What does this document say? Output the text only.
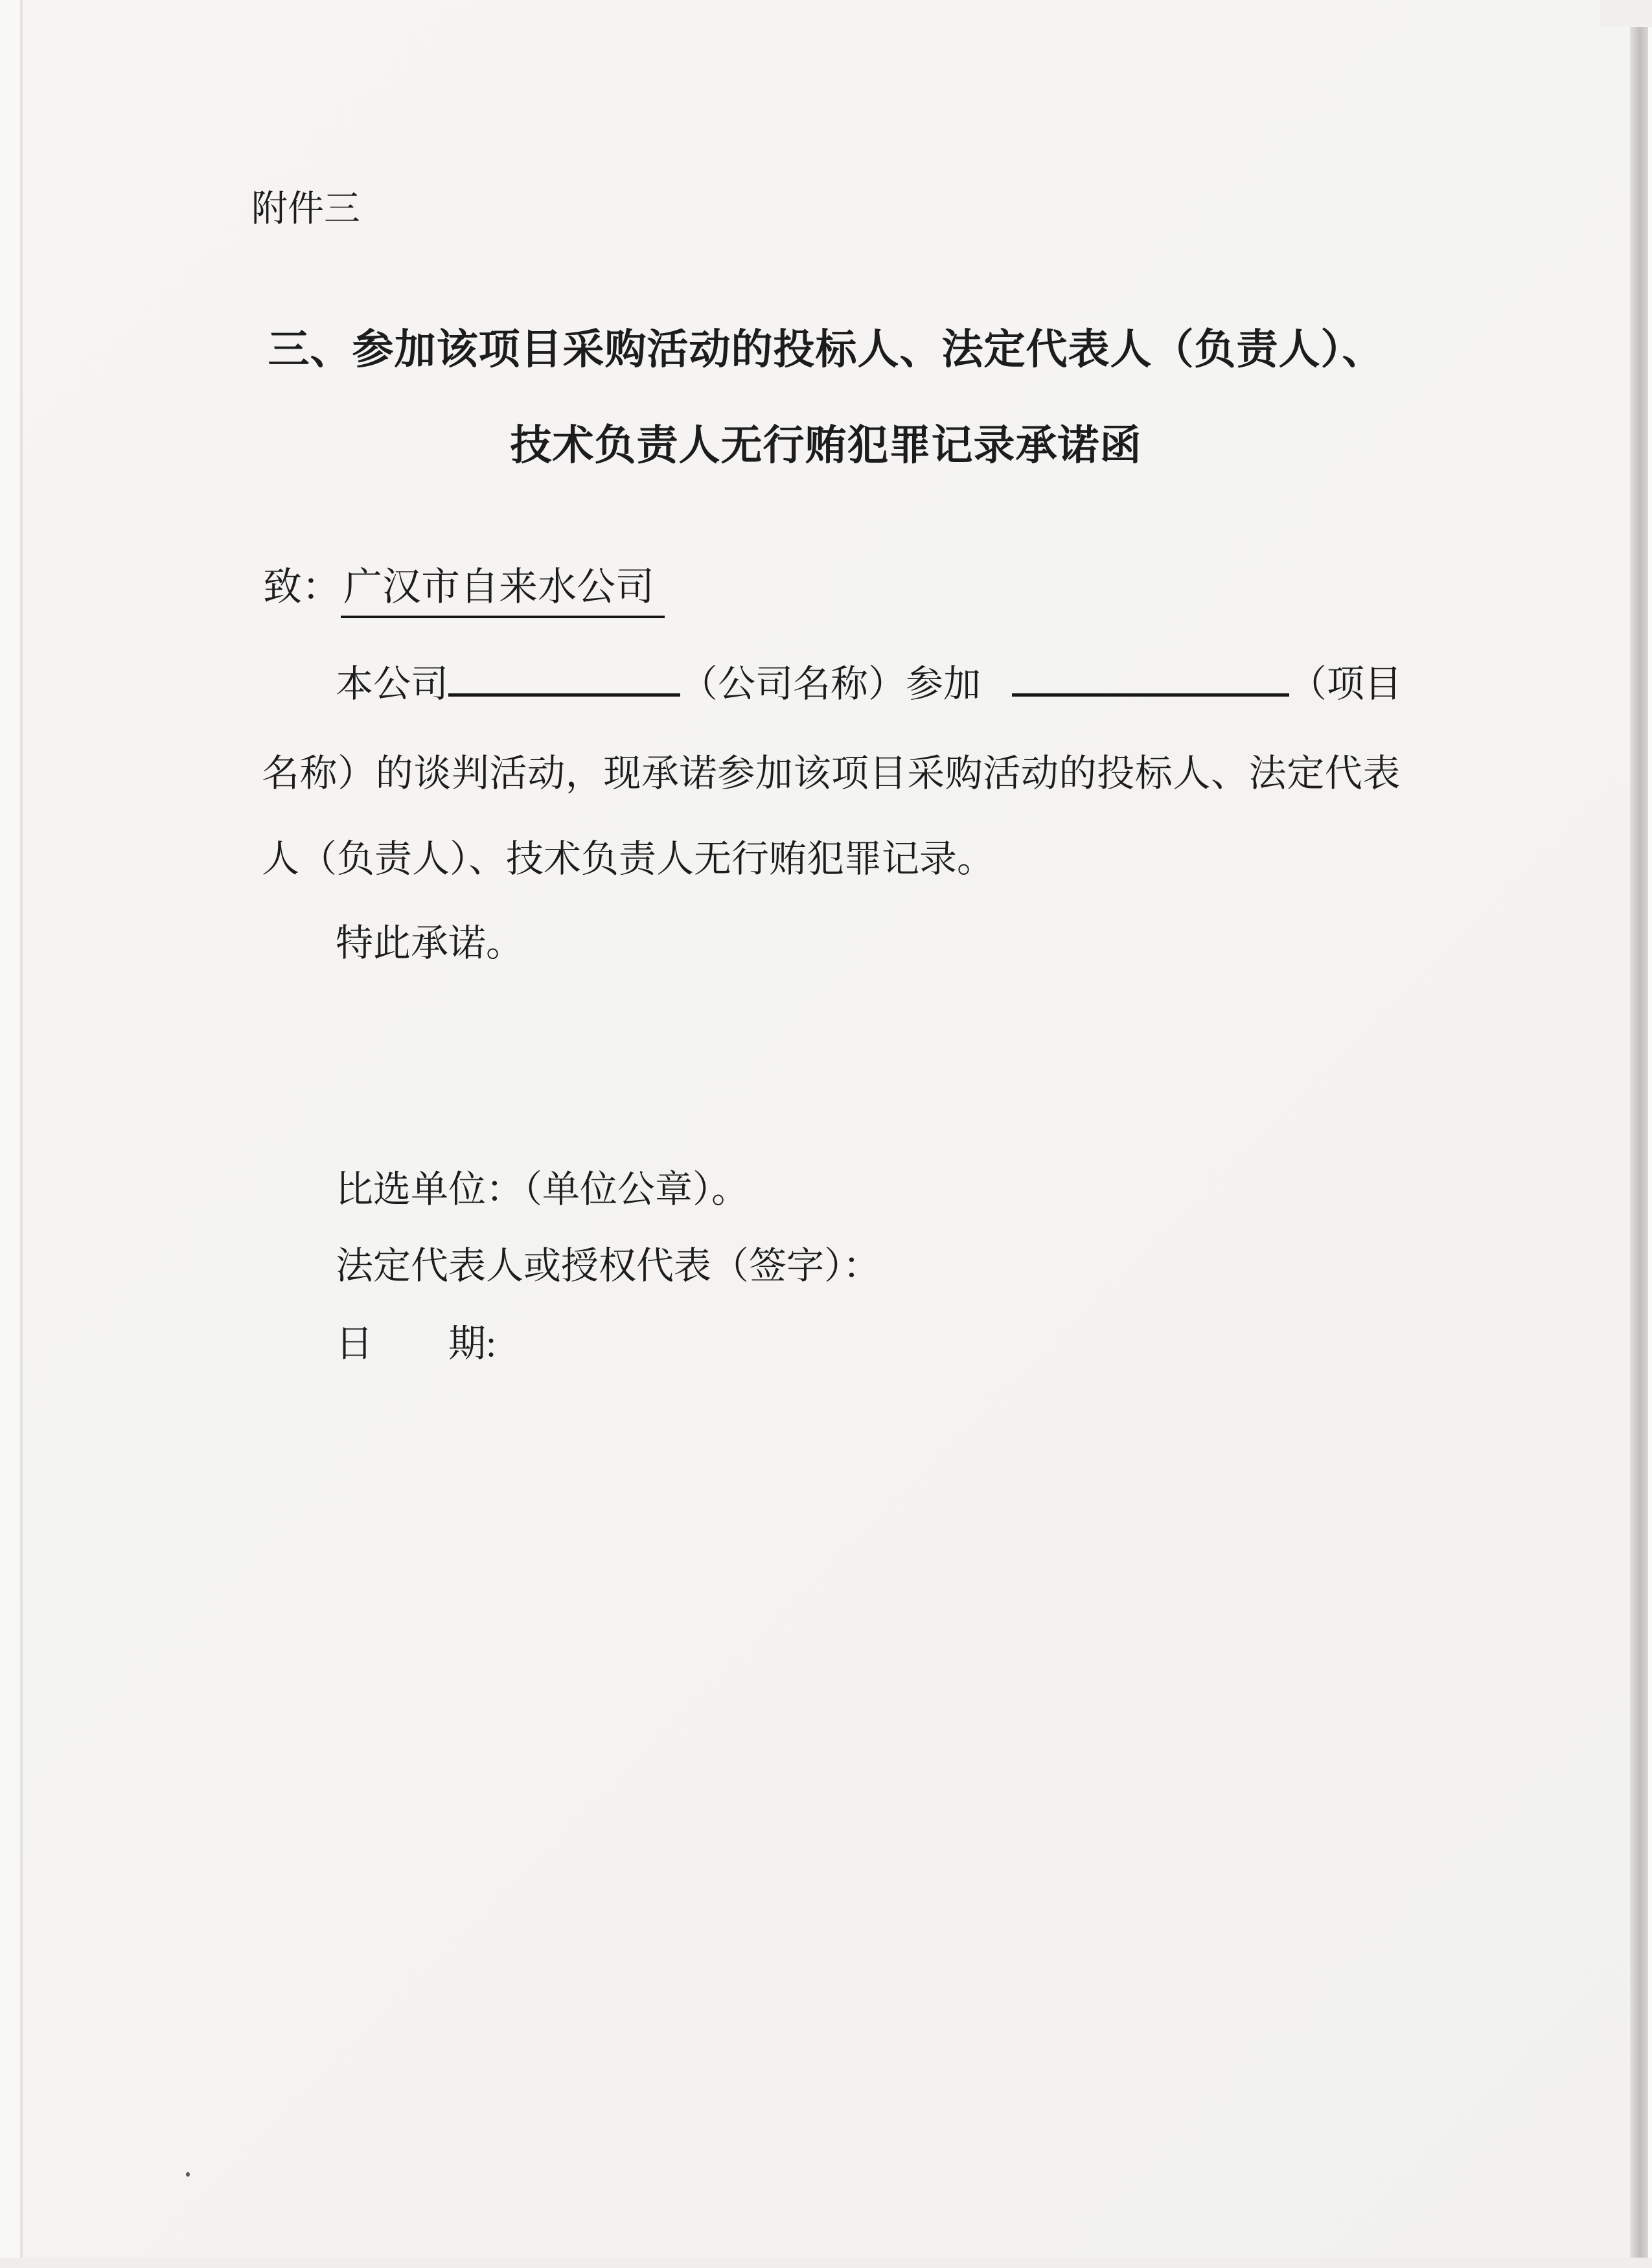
附件三
三、参加该项目采购活动的投标人、法定代表人（负责人）、
技术负责人无行贿犯罪记录承诺函
致：广汉市自来水公司
本公司	（公司名称）参加	（项目
名称）的谈判活动，现承诺参加该项目采购活动的投标人、法定代表
人（负责人）、技术负责人无行贿犯罪记录。
特此承诺。
比选单位：（单位公章）。
法定代表人或授权代表（签字）：
日　　期:
